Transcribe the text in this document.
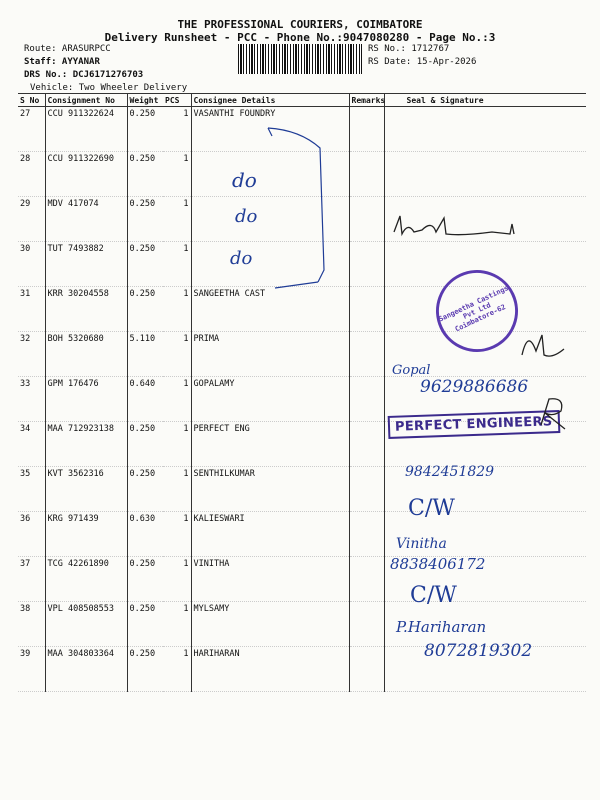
THE PROFESSIONAL COURIERS, COIMBATORE
Delivery Runsheet - PCC - Phone No.:9047080280 - Page No.:3
Route: ARASURPCC
Staff: AYYANAR
DRS No.: DCJ6171276703
Vehicle: Two Wheeler Delivery
RS No.: 1712767
RS Date: 15-Apr-2026
S No	Consignment No	Weight	PCS	Consignee Details	Remarks	Seal & Signature
27	CCU 911322624	0.250	1	VASANTHI FOUNDRY		
28	CCU 911322690	0.250	1			
29	MDV 417074	0.250	1			
30	TUT 7493882	0.250	1			
31	KRR 30204558	0.250	1	SANGEETHA CAST		
32	BOH 5320680	5.110	1	PRIMA		
33	GPM 176476	0.640	1	GOPALAMY		
34	MAA 712923138	0.250	1	PERFECT ENG		
35	KVT 3562316	0.250	1	SENTHILKUMAR		
36	KRG 971439	0.630	1	KALIESWARI		
37	TCG 42261890	0.250	1	VINITHA		
38	VPL 408508553	0.250	1	MYLSAMY		
39	MAA 304803364	0.250	1	HARIHARAN		
do
do
do
Sangeetha Castings Pvt Ltd Coimbatore-62
Gopal
9629886686
PERFECT ENGINEERS
9842451829
C/W
Vinitha
8838406172
C/W
P.Hariharan
8072819302
